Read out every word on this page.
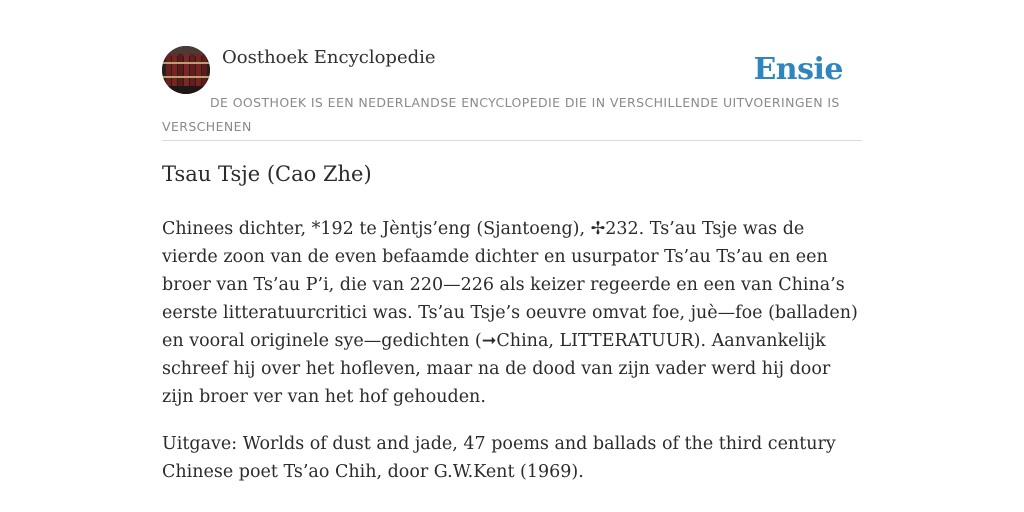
Oosthoek Encyclopedie	Ensie
DE OOSTHOEK IS EEN NEDERLANDSE ENCYCLOPEDIE DIE IN VERSCHILLENDE UITVOERINGEN IS VERSCHENEN
Tsau Tsje (Cao Zhe)

Chinees dichter, *192 te Jèntjs’eng (Sjantoeng), ✢232. Ts’au Tsje was de vierde zoon van de even befaamde dichter en usurpator Ts’au Ts’au en een broer van Ts’au P’i, die van 220—226 als keizer regeerde en een van China’s eerste litteratuurcritici was. Ts’au Tsje’s oeuvre omvat foe, juè—foe (balladen) en vooral originele sye—gedichten (➞China, LITTERATUUR). Aanvankelijk schreef hij over het hofleven, maar na de dood van zijn vader werd hij door zijn broer ver van het hof gehouden.

Uitgave: Worlds of dust and jade, 47 poems and ballads of the third century Chinese poet Ts’ao Chih, door G.W.Kent (1969).
